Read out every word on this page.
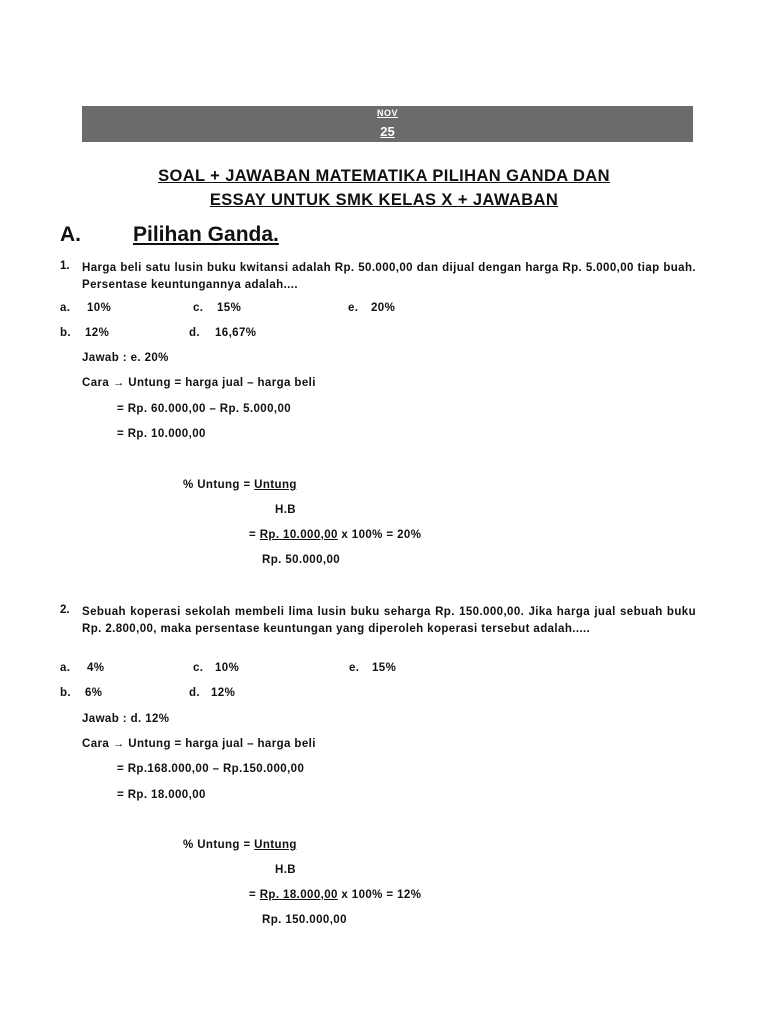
NOV
25
SOAL + JAWABAN MATEMATIKA PILIHAN GANDA DAN
ESSAY UNTUK SMK KELAS X + JAWABAN
A. Pilihan Ganda.
1. Harga beli satu lusin buku kwitansi adalah Rp. 50.000,00 dan dijual dengan harga Rp. 5.000,00 tiap buah. Persentase keuntungannya adalah....
a. 10%	c. 15%	e. 20%
b. 12%	d. 16,67%
Jawab : e. 20%
Cara → Untung = harga jual – harga beli
= Rp. 60.000,00 – Rp. 5.000,00
= Rp. 10.000,00
% Untung = Untung
H.B
= Rp. 10.000,00 x 100% = 20%
Rp. 50.000,00
2. Sebuah koperasi sekolah membeli lima lusin buku seharga Rp. 150.000,00. Jika harga jual sebuah buku Rp. 2.800,00, maka persentase keuntungan yang diperoleh koperasi tersebut adalah.....
a. 4%	c. 10%	e. 15%
b. 6%	d. 12%
Jawab : d. 12%
Cara → Untung = harga jual – harga beli
= Rp.168.000,00 – Rp.150.000,00
= Rp. 18.000,00
% Untung = Untung
H.B
= Rp. 18.000,00 x 100% = 12%
Rp. 150.000,00
